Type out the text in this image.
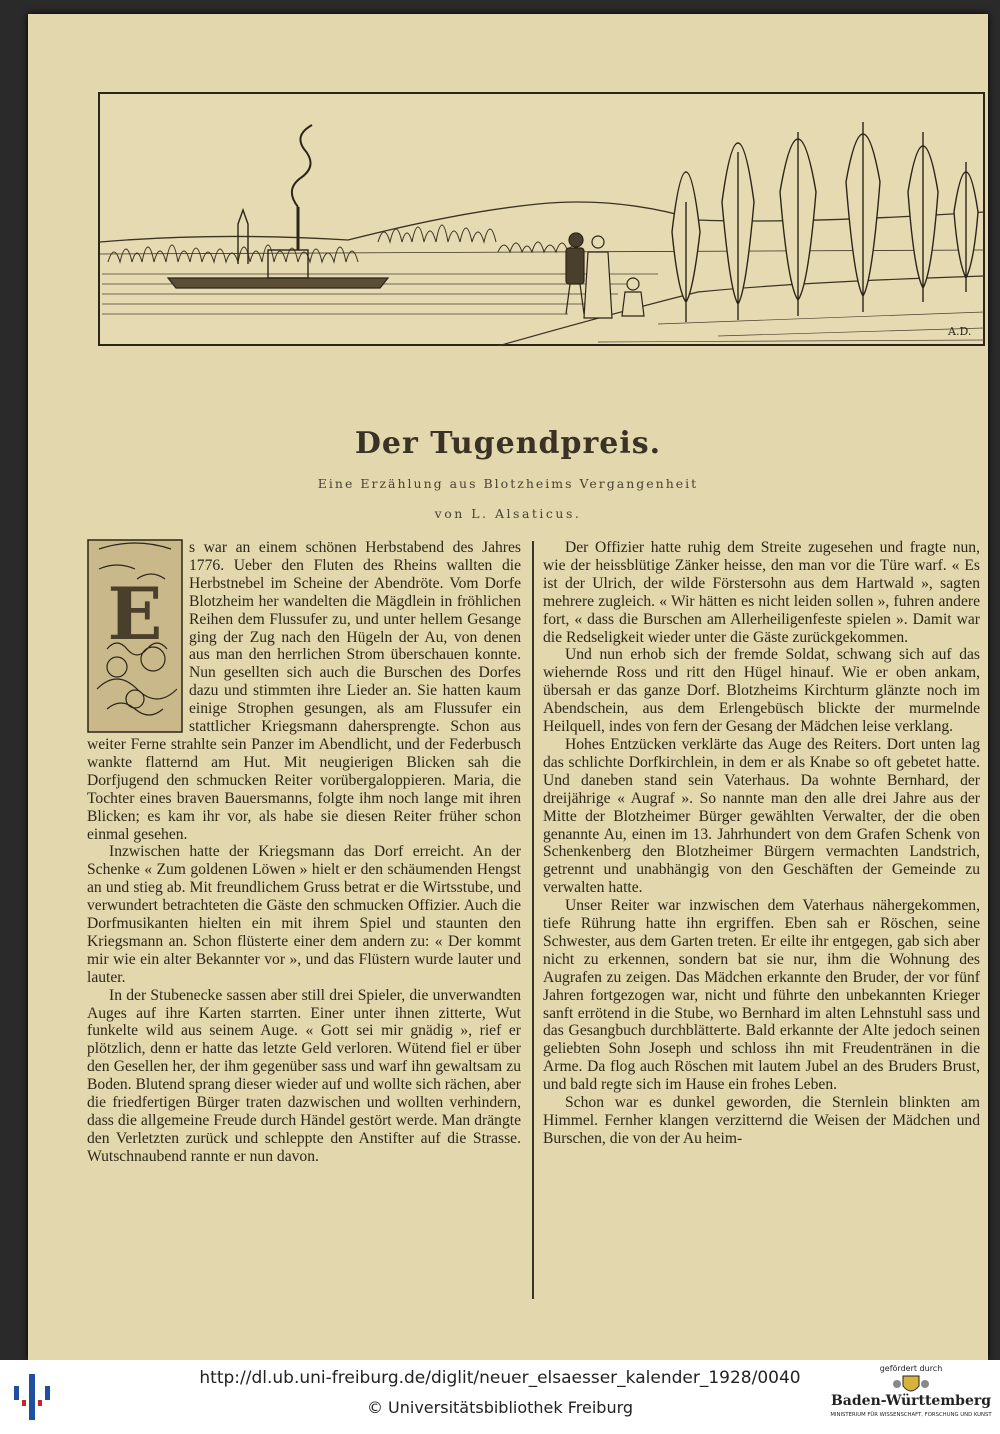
A.D.
Der Tugendpreis.
Eine Erzählung aus Blotzheims Vergangenheit
von L. Alsaticus.
E

s war an einem schönen Herbstabend des Jahres 1776. Ueber den Fluten des Rheins wallten die Herbstnebel im Scheine der Abendröte. Vom Dorfe Blotzheim her wandelten die Mägdlein in fröhlichen Reihen dem Flussufer zu, und unter hellem Gesange ging der Zug nach den Hügeln der Au, von denen aus man den herrlichen Strom überschauen konnte. Nun gesellten sich auch die Burschen des Dorfes dazu und stimmten ihre Lieder an. Sie hatten kaum einige Strophen gesungen, als am Flussufer ein stattlicher Kriegsmann dahersprengte. Schon aus weiter Ferne strahlte sein Panzer im Abendlicht, und der Federbusch wankte flatternd am Hut. Mit neugierigen Blicken sah die Dorfjugend den schmucken Reiter vorübergaloppieren. Maria, die Tochter eines braven Bauersmanns, folgte ihm noch lange mit ihren Blicken; es kam ihr vor, als habe sie diesen Reiter früher schon einmal gesehen.

Inzwischen hatte der Kriegsmann das Dorf erreicht. An der Schenke « Zum goldenen Löwen » hielt er den schäumenden Hengst an und stieg ab. Mit freundlichem Gruss betrat er die Wirtsstube, und verwundert betrachteten die Gäste den schmucken Offizier. Auch die Dorfmusikanten hielten ein mit ihrem Spiel und staunten den Kriegsmann an. Schon flüsterte einer dem andern zu: « Der kommt mir wie ein alter Bekannter vor », und das Flüstern wurde lauter und lauter.

In der Stubenecke sassen aber still drei Spieler, die unverwandten Auges auf ihre Karten starrten. Einer unter ihnen zitterte, Wut funkelte wild aus seinem Auge. « Gott sei mir gnädig », rief er plötzlich, denn er hatte das letzte Geld verloren. Wütend fiel er über den Gesellen her, der ihm gegenüber sass und warf ihn gewaltsam zu Boden. Blutend sprang dieser wieder auf und wollte sich rächen, aber die friedfertigen Bürger traten dazwischen und wollten verhindern, dass die allgemeine Freude durch Händel gestört werde. Man drängte den Verletzten zurück und schleppte den Anstifter auf die Strasse. Wutschnaubend rannte er nun davon.

Der Offizier hatte ruhig dem Streite zugesehen und fragte nun, wie der heissblütige Zänker heisse, den man vor die Türe warf. « Es ist der Ulrich, der wilde Förstersohn aus dem Hartwald », sagten mehrere zugleich. « Wir hätten es nicht leiden sollen », fuhren andere fort, « dass die Burschen am Allerheiligenfeste spielen ». Damit war die Redseligkeit wieder unter die Gäste zurückgekommen.

Und nun erhob sich der fremde Soldat, schwang sich auf das wiehernde Ross und ritt den Hügel hinauf. Wie er oben ankam, übersah er das ganze Dorf. Blotzheims Kirchturm glänzte noch im Abendschein, aus dem Erlengebüsch blickte der murmelnde Heilquell, indes von fern der Gesang der Mädchen leise verklang.

Hohes Entzücken verklärte das Auge des Reiters. Dort unten lag das schlichte Dorfkirchlein, in dem er als Knabe so oft gebetet hatte. Und daneben stand sein Vaterhaus. Da wohnte Bernhard, der dreijährige « Augraf ». So nannte man den alle drei Jahre aus der Mitte der Blotzheimer Bürger gewählten Verwalter, der die oben genannte Au, einen im 13. Jahrhundert von dem Grafen Schenk von Schenkenberg den Blotzheimer Bürgern vermachten Landstrich, getrennt und unabhängig von den Geschäften der Gemeinde zu verwalten hatte.

Unser Reiter war inzwischen dem Vaterhaus nähergekommen, tiefe Rührung hatte ihn ergriffen. Eben sah er Röschen, seine Schwester, aus dem Garten treten. Er eilte ihr entgegen, gab sich aber nicht zu erkennen, sondern bat sie nur, ihm die Wohnung des Augrafen zu zeigen. Das Mädchen erkannte den Bruder, der vor fünf Jahren fortgezogen war, nicht und führte den unbekannten Krieger sanft errötend in die Stube, wo Bernhard im alten Lehnstuhl sass und das Gesangbuch durchblätterte. Bald erkannte der Alte jedoch seinen geliebten Sohn Joseph und schloss ihn mit Freudentränen in die Arme. Da flog auch Röschen mit lautem Jubel an des Bruders Brust, und bald regte sich im Hause ein frohes Leben.

Schon war es dunkel geworden, die Sternlein blinkten am Himmel. Fernher klangen verzitternd die Weisen der Mädchen und Burschen, die von der Au heim-

http://dl.ub.uni-freiburg.de/diglit/neuer_elsaesser_kalender_1928/0040
© Universitätsbibliothek Freiburg
gefördert durch
Baden-Württemberg
MINISTERIUM FÜR WISSENSCHAFT, FORSCHUNG UND KUNST
